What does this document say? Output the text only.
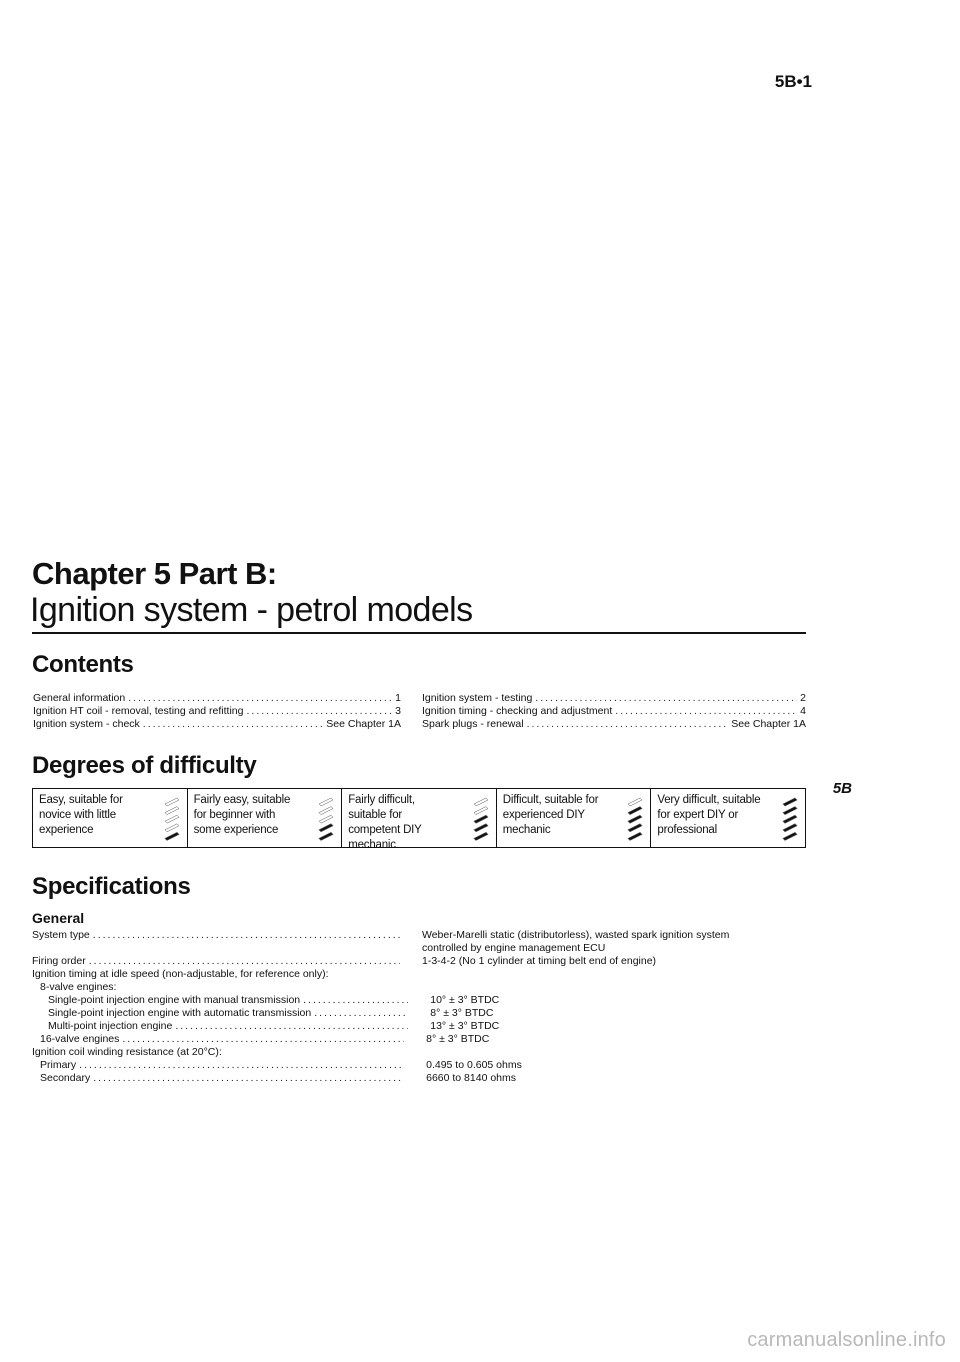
5B•1
Chapter 5 Part B:
Ignition system - petrol models
Contents
General information .....	1
Ignition HT coil - removal, testing and refitting .....	3
Ignition system - check .....	See Chapter 1A
Ignition system - testing .....	2
Ignition timing - checking and adjustment .....	4
Spark plugs - renewal .....	See Chapter 1A
Degrees of difficulty
5B
Easy, suitable for novice with little experience
Fairly easy, suitable for beginner with some experience
Fairly difficult, suitable for competent DIY mechanic
Difficult, suitable for experienced DIY mechanic
Very difficult, suitable for expert DIY or professional
Specifications
General
System type .....	Weber-Marelli static (distributorless), wasted spark ignition system
controlled by engine management ECU
Firing order .....	1-3-4-2 (No 1 cylinder at timing belt end of engine)
Ignition timing at idle speed (non-adjustable, for reference only):
8-valve engines:
Single-point injection engine with manual transmission .....	10° ± 3° BTDC
Single-point injection engine with automatic transmission .....	8° ± 3° BTDC
Multi-point injection engine .....	13° ± 3° BTDC
16-valve engines .....	8° ± 3° BTDC
Ignition coil winding resistance (at 20°C):
Primary .....	0.495 to 0.605 ohms
Secondary .....	6660 to 8140 ohms
carmanualsonline.info
